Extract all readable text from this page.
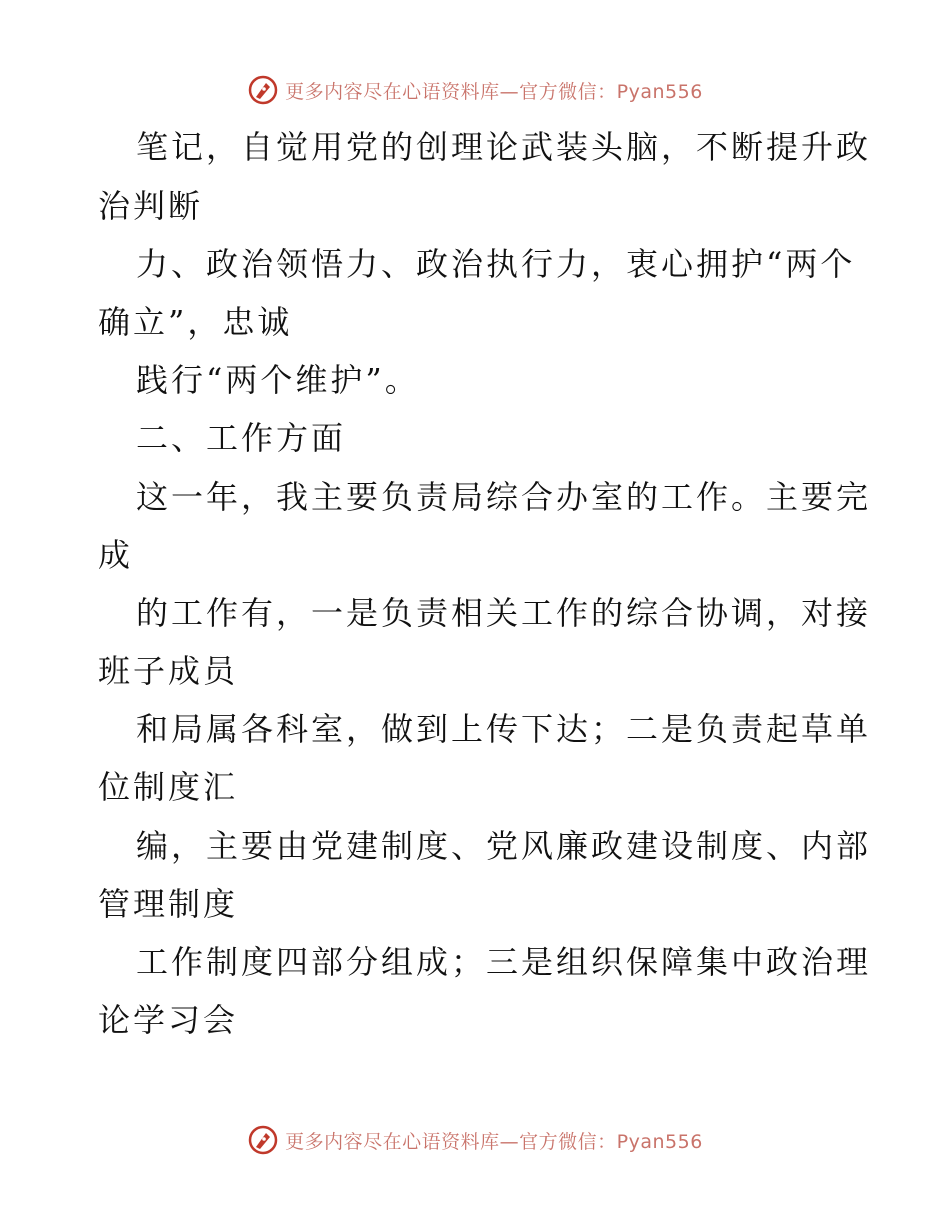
更多内容尽在心语资料库—官方微信：Pyan556
笔记，自觉用党的创理论武装头脑，不断提升政
治判断
力、政治领悟力、政治执行力，衷心拥护“两个
确立”，忠诚
践行“两个维护”。
二、工作方面
这一年，我主要负责局综合办室的工作。主要完
成
的工作有，一是负责相关工作的综合协调，对接
班子成员
和局属各科室，做到上传下达；二是负责起草单
位制度汇
编，主要由党建制度、党风廉政建设制度、内部
管理制度
工作制度四部分组成；三是组织保障集中政治理
论学习会
更多内容尽在心语资料库—官方微信：Pyan556
